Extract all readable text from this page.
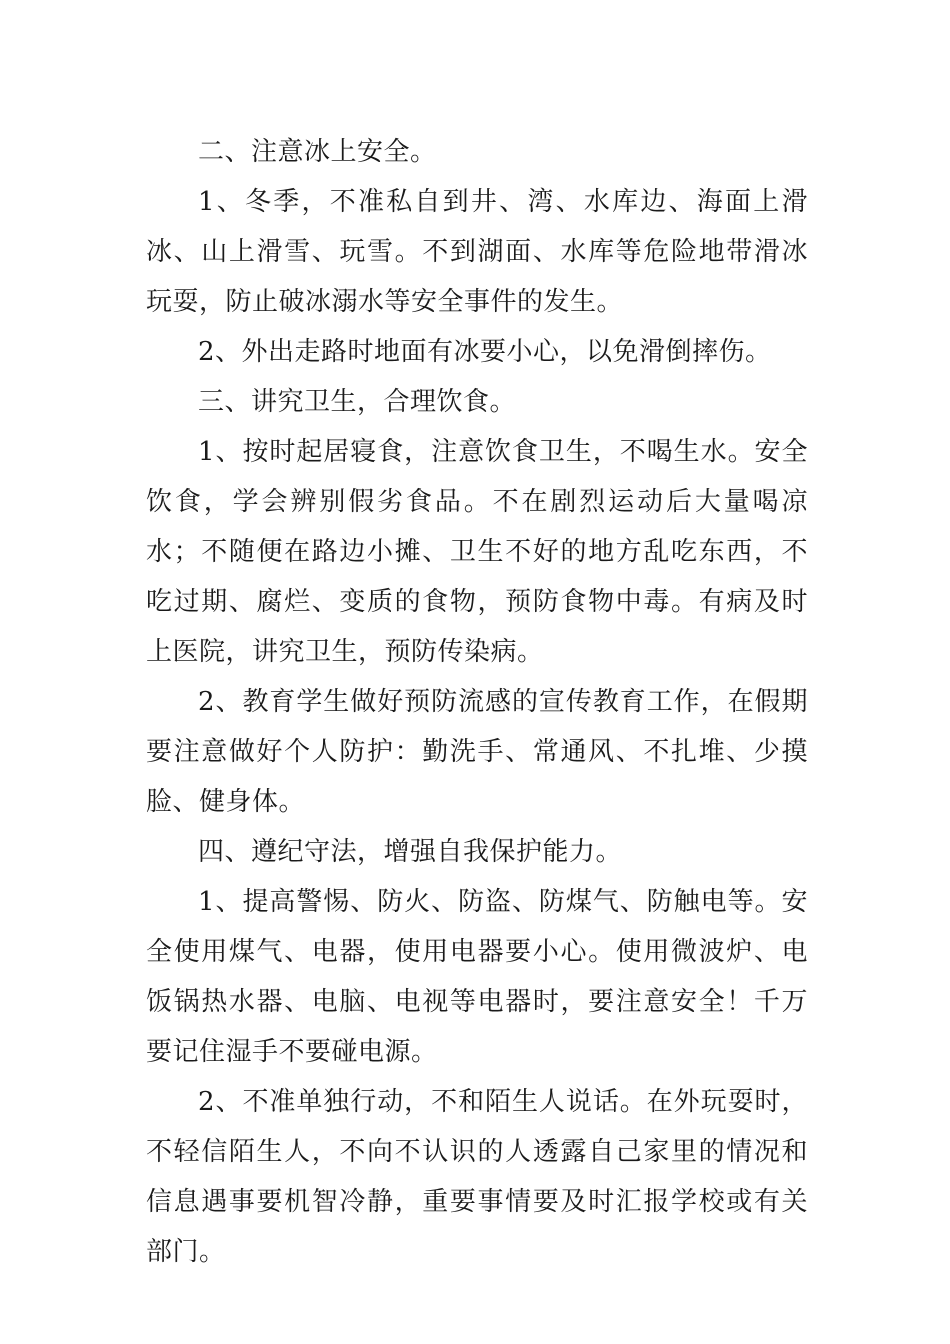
二、注意冰上安全。

1、冬季，不准私自到井、湾、水库边、海面上滑冰、山上滑雪、玩雪。不到湖面、水库等危险地带滑冰玩耍，防止破冰溺水等安全事件的发生。

2、外出走路时地面有冰要小心，以免滑倒摔伤。

三、讲究卫生，合理饮食。

1、按时起居寝食，注意饮食卫生，不喝生水。安全饮食，学会辨别假劣食品。不在剧烈运动后大量喝凉水；不随便在路边小摊、卫生不好的地方乱吃东西，不吃过期、腐烂、变质的食物，预防食物中毒。有病及时上医院，讲究卫生，预防传染病。

2、教育学生做好预防流感的宣传教育工作，在假期要注意做好个人防护：勤洗手、常通风、不扎堆、少摸脸、健身体。

四、遵纪守法，增强自我保护能力。

1、提高警惕、防火、防盗、防煤气、防触电等。安全使用煤气、电器，使用电器要小心。使用微波炉、电饭锅热水器、电脑、电视等电器时，要注意安全！千万要记住湿手不要碰电源。

2、不准单独行动，不和陌生人说话。在外玩耍时，不轻信陌生人，不向不认识的人透露自己家里的情况和信息遇事要机智冷静，重要事情要及时汇报学校或有关部门。
